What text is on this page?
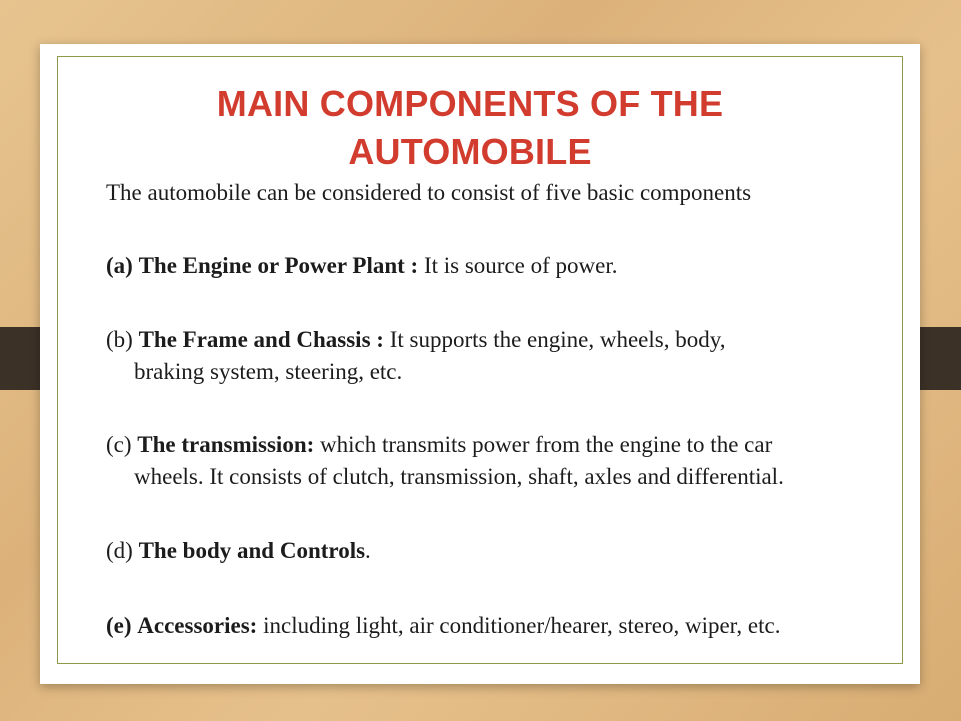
MAIN COMPONENTS OF THE
AUTOMOBILE
The automobile can be considered to consist of five basic components
(a) The Engine or Power Plant : It is source of power.
(b) The Frame and Chassis : It supports the engine, wheels, body,
braking system, steering, etc.
(c) The transmission: which transmits power from the engine to the car
wheels. It consists of clutch, transmission, shaft, axles and differential.
(d) The body and Controls.
(e) Accessories: including light, air conditioner/hearer, stereo, wiper, etc.
